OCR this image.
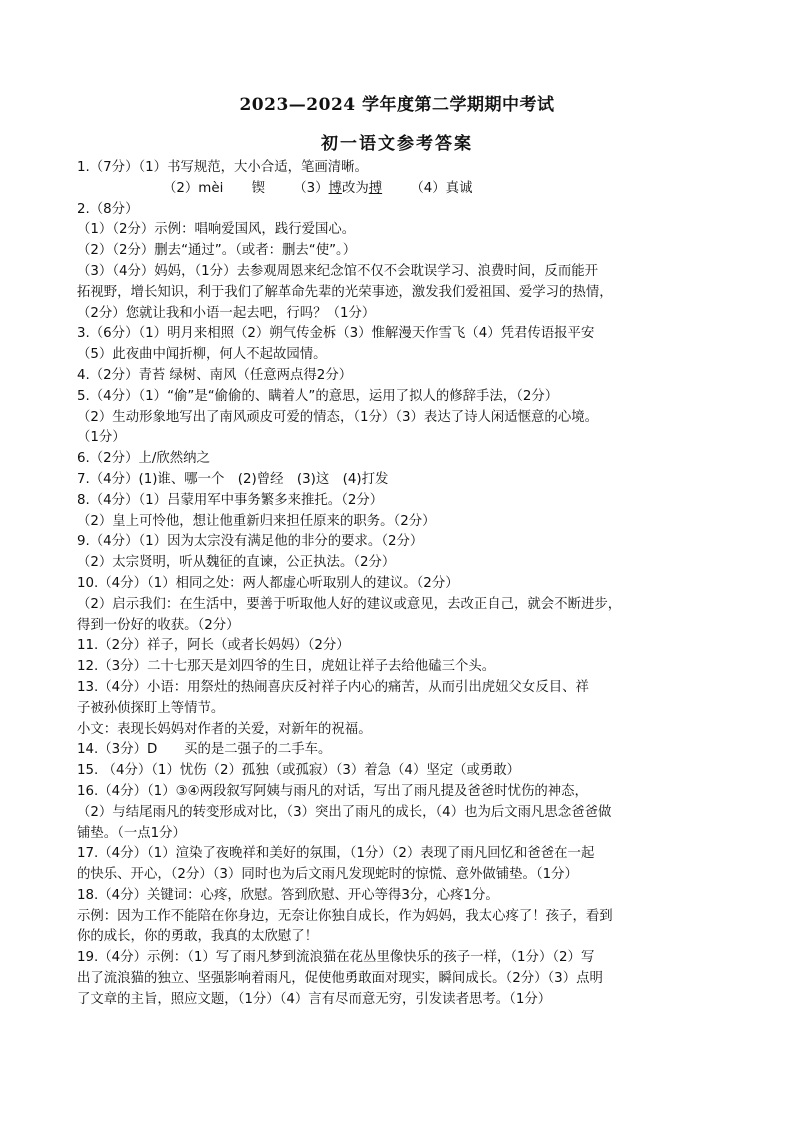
2023—2024 学年度第二学期期中考试
初一语文参考答案
1.（7分）（1）书写规范，大小合适，笔画清晰。
（2）mèi 锲 （3）博改为搏 （4）真诚
2.（8分）
（1）（2分）示例：唱响爱国风，践行爱国心。
（2）（2分）删去“通过”。（或者：删去“使”。）
（3）（4分）妈妈，（1分）去参观周恩来纪念馆不仅不会耽误学习、浪费时间，反而能开
拓视野，增长知识，利于我们了解革命先辈的光荣事迹，激发我们爱祖国、爱学习的热情，
（2分）您就让我和小语一起去吧，行吗？（1分）
3.（6分）（1）明月来相照（2）朔气传金柝（3）惟解漫天作雪飞（4）凭君传语报平安
（5）此夜曲中闻折柳，何人不起故园情。
4.（2分）青苔 绿树、南风（任意两点得2分）
5.（4分）（1）“偷”是“偷偷的、瞒着人”的意思，运用了拟人的修辞手法，（2分）
（2）生动形象地写出了南风顽皮可爱的情态，（1分）（3）表达了诗人闲适惬意的心境。
（1分）
6.（2分）上/欣然纳之
7.（4分）(1)谁、哪一个　(2)曾经　(3)这　(4)打发
8.（4分）（1）吕蒙用军中事务繁多来推托。（2分）
（2）皇上可怜他，想让他重新归来担任原来的职务。（2分）
9.（4分）（1）因为太宗没有满足他的非分的要求。（2分）
（2）太宗贤明，听从魏征的直谏，公正执法。（2分）
10.（4分）（1）相同之处：两人都虚心听取别人的建议。（2分）
（2）启示我们：在生活中，要善于听取他人好的建议或意见，去改正自己，就会不断进步，
得到一份好的收获。（2分）
11.（2分）祥子，阿长（或者长妈妈）（2分）
12.（3分）二十七那天是刘四爷的生日，虎妞让祥子去给他磕三个头。
13.（4分）小语：用祭灶的热闹喜庆反衬祥子内心的痛苦，从而引出虎妞父女反目、祥
子被孙侦探盯上等情节。
小文：表现长妈妈对作者的关爱，对新年的祝福。
14.（3分）D　　买的是二强子的二手车。
15. （4分）（1）忧伤（2）孤独（或孤寂）（3）着急（4）坚定（或勇敢）
16.（4分）（1）③④两段叙写阿姨与雨凡的对话，写出了雨凡提及爸爸时忧伤的神态，
（2）与结尾雨凡的转变形成对比，（3）突出了雨凡的成长，（4）也为后文雨凡思念爸爸做
铺垫。（一点1分）
17.（4分）（1）渲染了夜晚祥和美好的氛围，（1分）（2）表现了雨凡回忆和爸爸在一起
的快乐、开心，（2分）（3）同时也为后文雨凡发现蛇时的惊慌、意外做铺垫。（1分）
18.（4分）关键词：心疼，欣慰。答到欣慰、开心等得3分，心疼1分。
示例：因为工作不能陪在你身边，无奈让你独自成长，作为妈妈，我太心疼了！孩子，看到
你的成长，你的勇敢，我真的太欣慰了！
19.（4分）示例：（1）写了雨凡梦到流浪猫在花丛里像快乐的孩子一样，（1分）（2）写
出了流浪猫的独立、坚强影响着雨凡，促使他勇敢面对现实，瞬间成长。（2分）（3）点明
了文章的主旨，照应文题，（1分）（4）言有尽而意无穷，引发读者思考。（1分）
